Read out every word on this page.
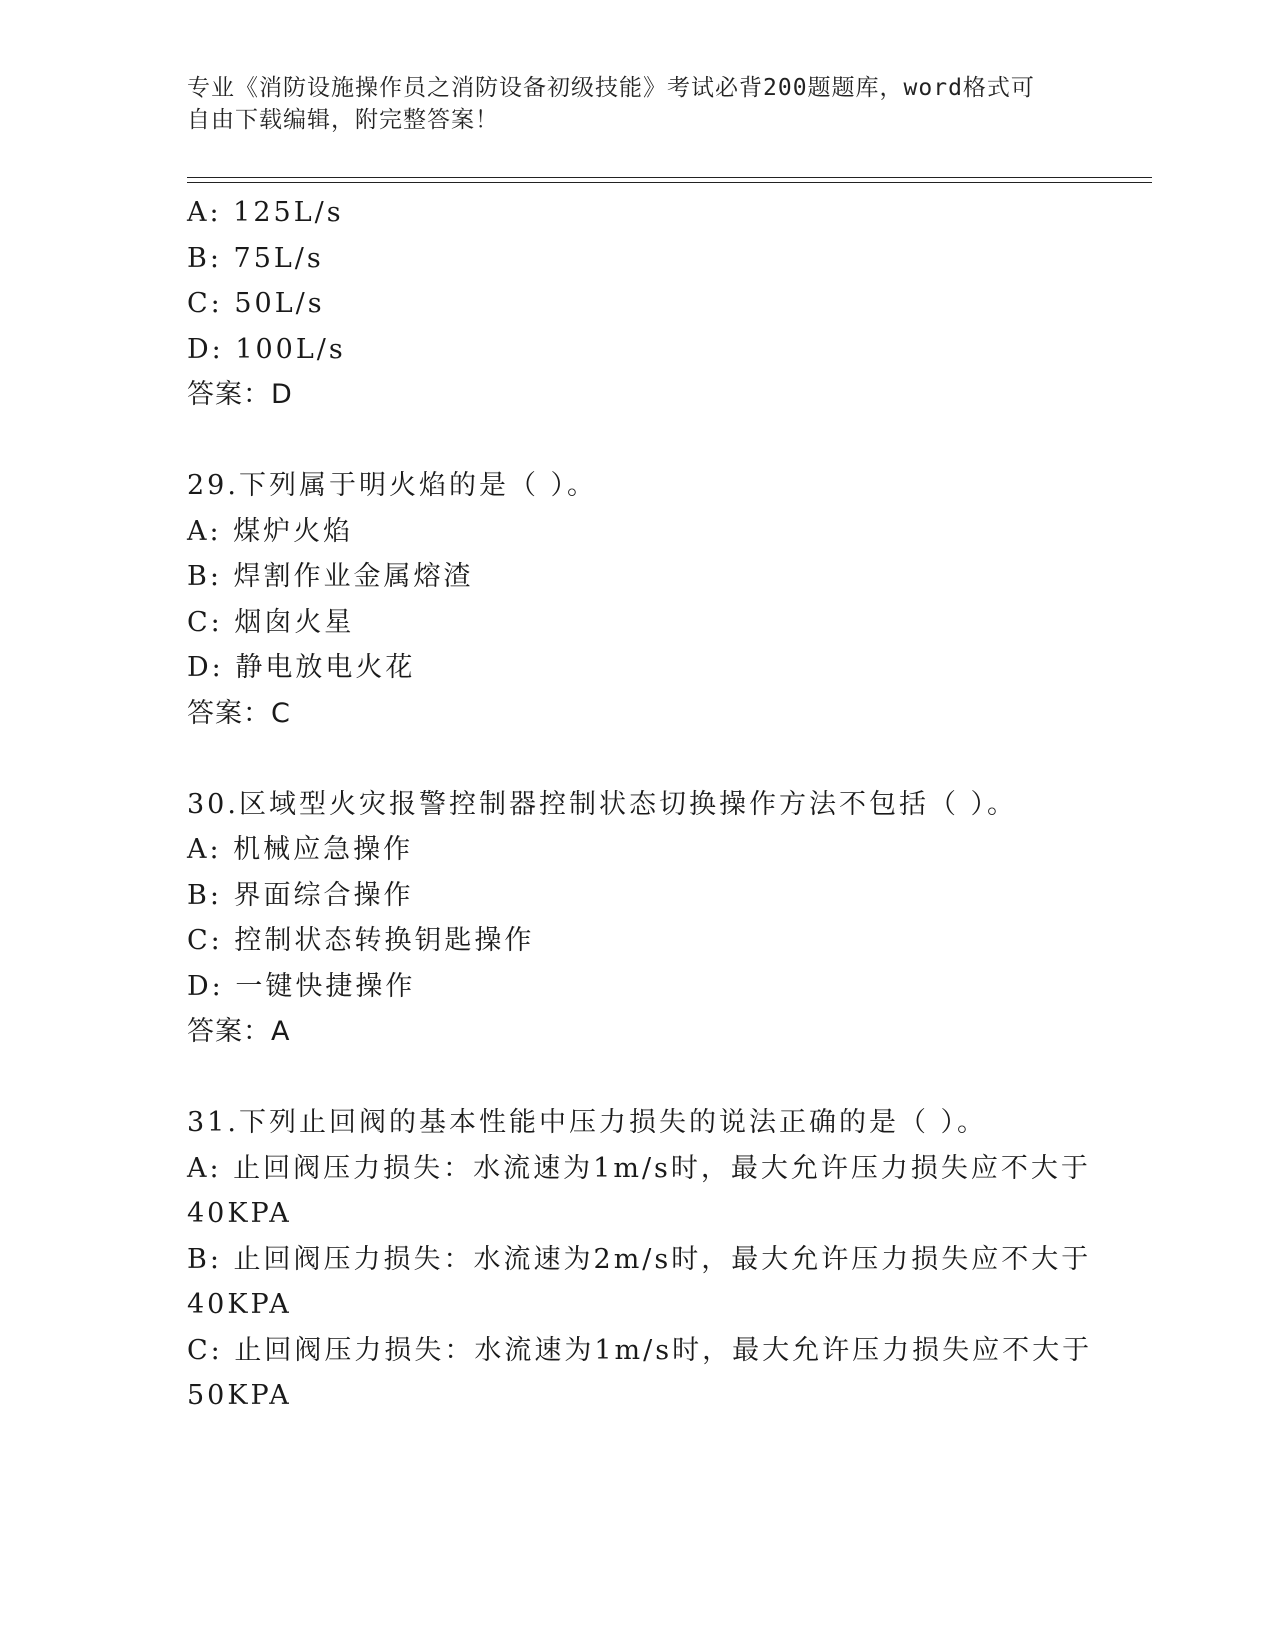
专业《消防设施操作员之消防设备初级技能》考试必背200题题库，word格式可
自由下载编辑，附完整答案！
A: 125L/s
B: 75L/s
C: 50L/s
D: 100L/s
答案：D
29.下列属于明火焰的是（ ）。
A: 煤炉火焰
B: 焊割作业金属熔渣
C: 烟囱火星
D: 静电放电火花
答案：C
30.区域型火灾报警控制器控制状态切换操作方法不包括（ ）。
A: 机械应急操作
B: 界面综合操作
C: 控制状态转换钥匙操作
D: 一键快捷操作
答案：A
31.下列止回阀的基本性能中压力损失的说法正确的是（ ）。
A: 止回阀压力损失：水流速为1m/s时，最大允许压力损失应不大于
40KPA
B: 止回阀压力损失：水流速为2m/s时，最大允许压力损失应不大于
40KPA
C: 止回阀压力损失：水流速为1m/s时，最大允许压力损失应不大于
50KPA
